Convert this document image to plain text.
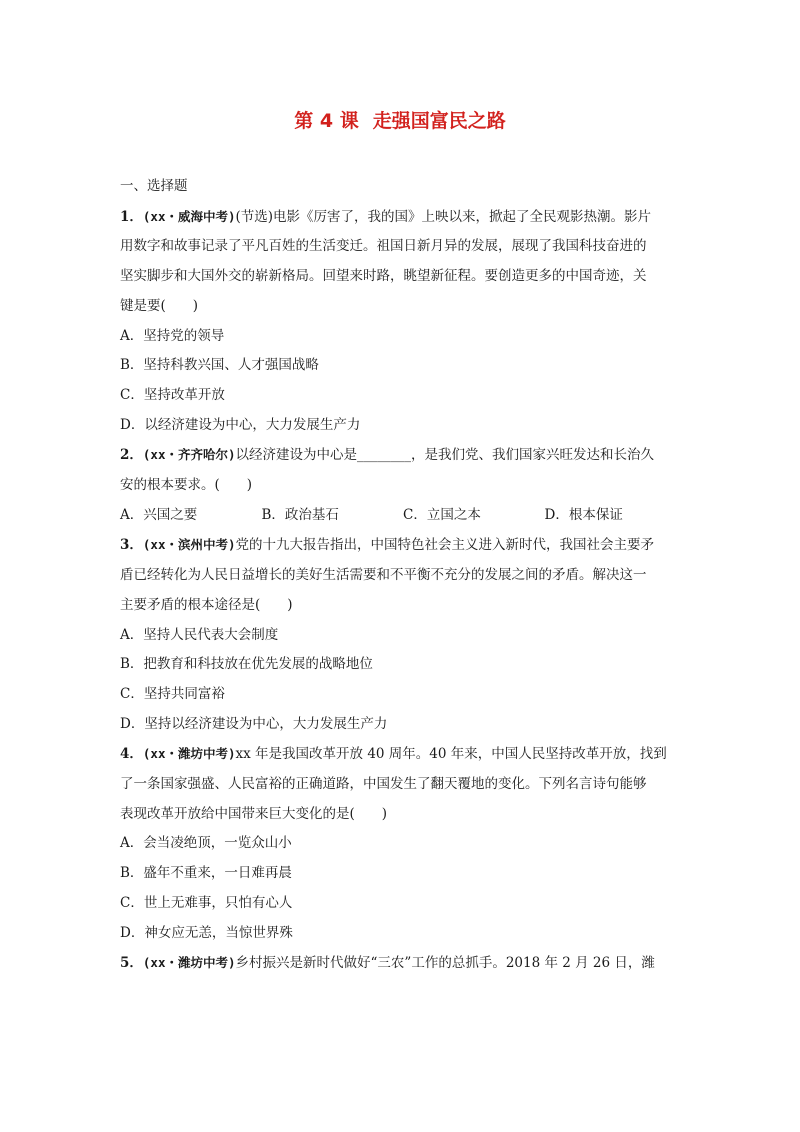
第 4 课 走强国富民之路

一、选择题

1．(xx・威海中考)(节选)电影《厉害了，我的国》上映以来，掀起了全民观影热潮。影片

用数字和故事记录了平凡百姓的生活变迁。祖国日新月异的发展，展现了我国科技奋进的

坚实脚步和大国外交的崭新格局。回望来时路，眺望新征程。要创造更多的中国奇迹，关

键是要(　　)

A．坚持党的领导

B．坚持科教兴国、人才强国战略

C．坚持改革开放

D．以经济建设为中心，大力发展生产力

2．(xx・齐齐哈尔)以经济建设为中心是________，是我们党、我们国家兴旺发达和长治久

安的根本要求。(　　)

A．兴国之要	B．政治基石	C．立国之本	D．根本保证

3．(xx・滨州中考)党的十九大报告指出，中国特色社会主义进入新时代，我国社会主要矛

盾已经转化为人民日益增长的美好生活需要和不平衡不充分的发展之间的矛盾。解决这一

主要矛盾的根本途径是(　　)

A．坚持人民代表大会制度

B．把教育和科技放在优先发展的战略地位

C．坚持共同富裕

D．坚持以经济建设为中心，大力发展生产力

4．(xx・潍坊中考)xx 年是我国改革开放 40 周年。40 年来，中国人民坚持改革开放，找到

了一条国家强盛、人民富裕的正确道路，中国发生了翻天覆地的变化。下列名言诗句能够

表现改革开放给中国带来巨大变化的是(　　)

A．会当凌绝顶，一览众山小

B．盛年不重来，一日难再晨

C．世上无难事，只怕有心人

D．神女应无恙，当惊世界殊

5．(xx・潍坊中考)乡村振兴是新时代做好“三农”工作的总抓手。2018 年 2 月 26 日，潍
